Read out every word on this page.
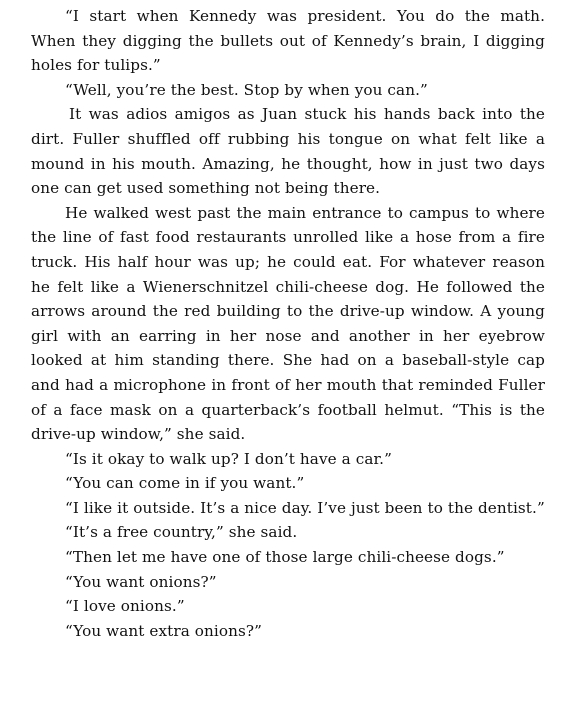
“I start when Kennedy was president. You do the math. When they digging the bullets out of Kennedy’s brain, I digging holes for tulips.”

“Well, you’re the best. Stop by when you can.”

It was adios amigos as Juan stuck his hands back into the dirt. Fuller shuffled off rubbing his tongue on what felt like a mound in his mouth. Amazing, he thought, how in just two days one can get used something not being there.

He walked west past the main entrance to campus to where the line of fast food restaurants unrolled like a hose from a fire truck. His half hour was up; he could eat. For whatever reason he felt like a Wienerschnitzel chili-cheese dog. He followed the arrows around the red building to the drive-up window. A young girl with an earring in her nose and another in her eyebrow looked at him standing there. She had on a baseball-style cap and had a microphone in front of her mouth that reminded Fuller of a face mask on a quarterback’s football helmut. “This is the drive-up window,” she said.

“Is it okay to walk up? I don’t have a car.”

“You can come in if you want.”

“I like it outside. It’s a nice day. I’ve just been to the dentist.”

“It’s a free country,” she said.

“Then let me have one of those large chili-cheese dogs.”

“You want onions?”

“I love onions.”

“You want extra onions?”
